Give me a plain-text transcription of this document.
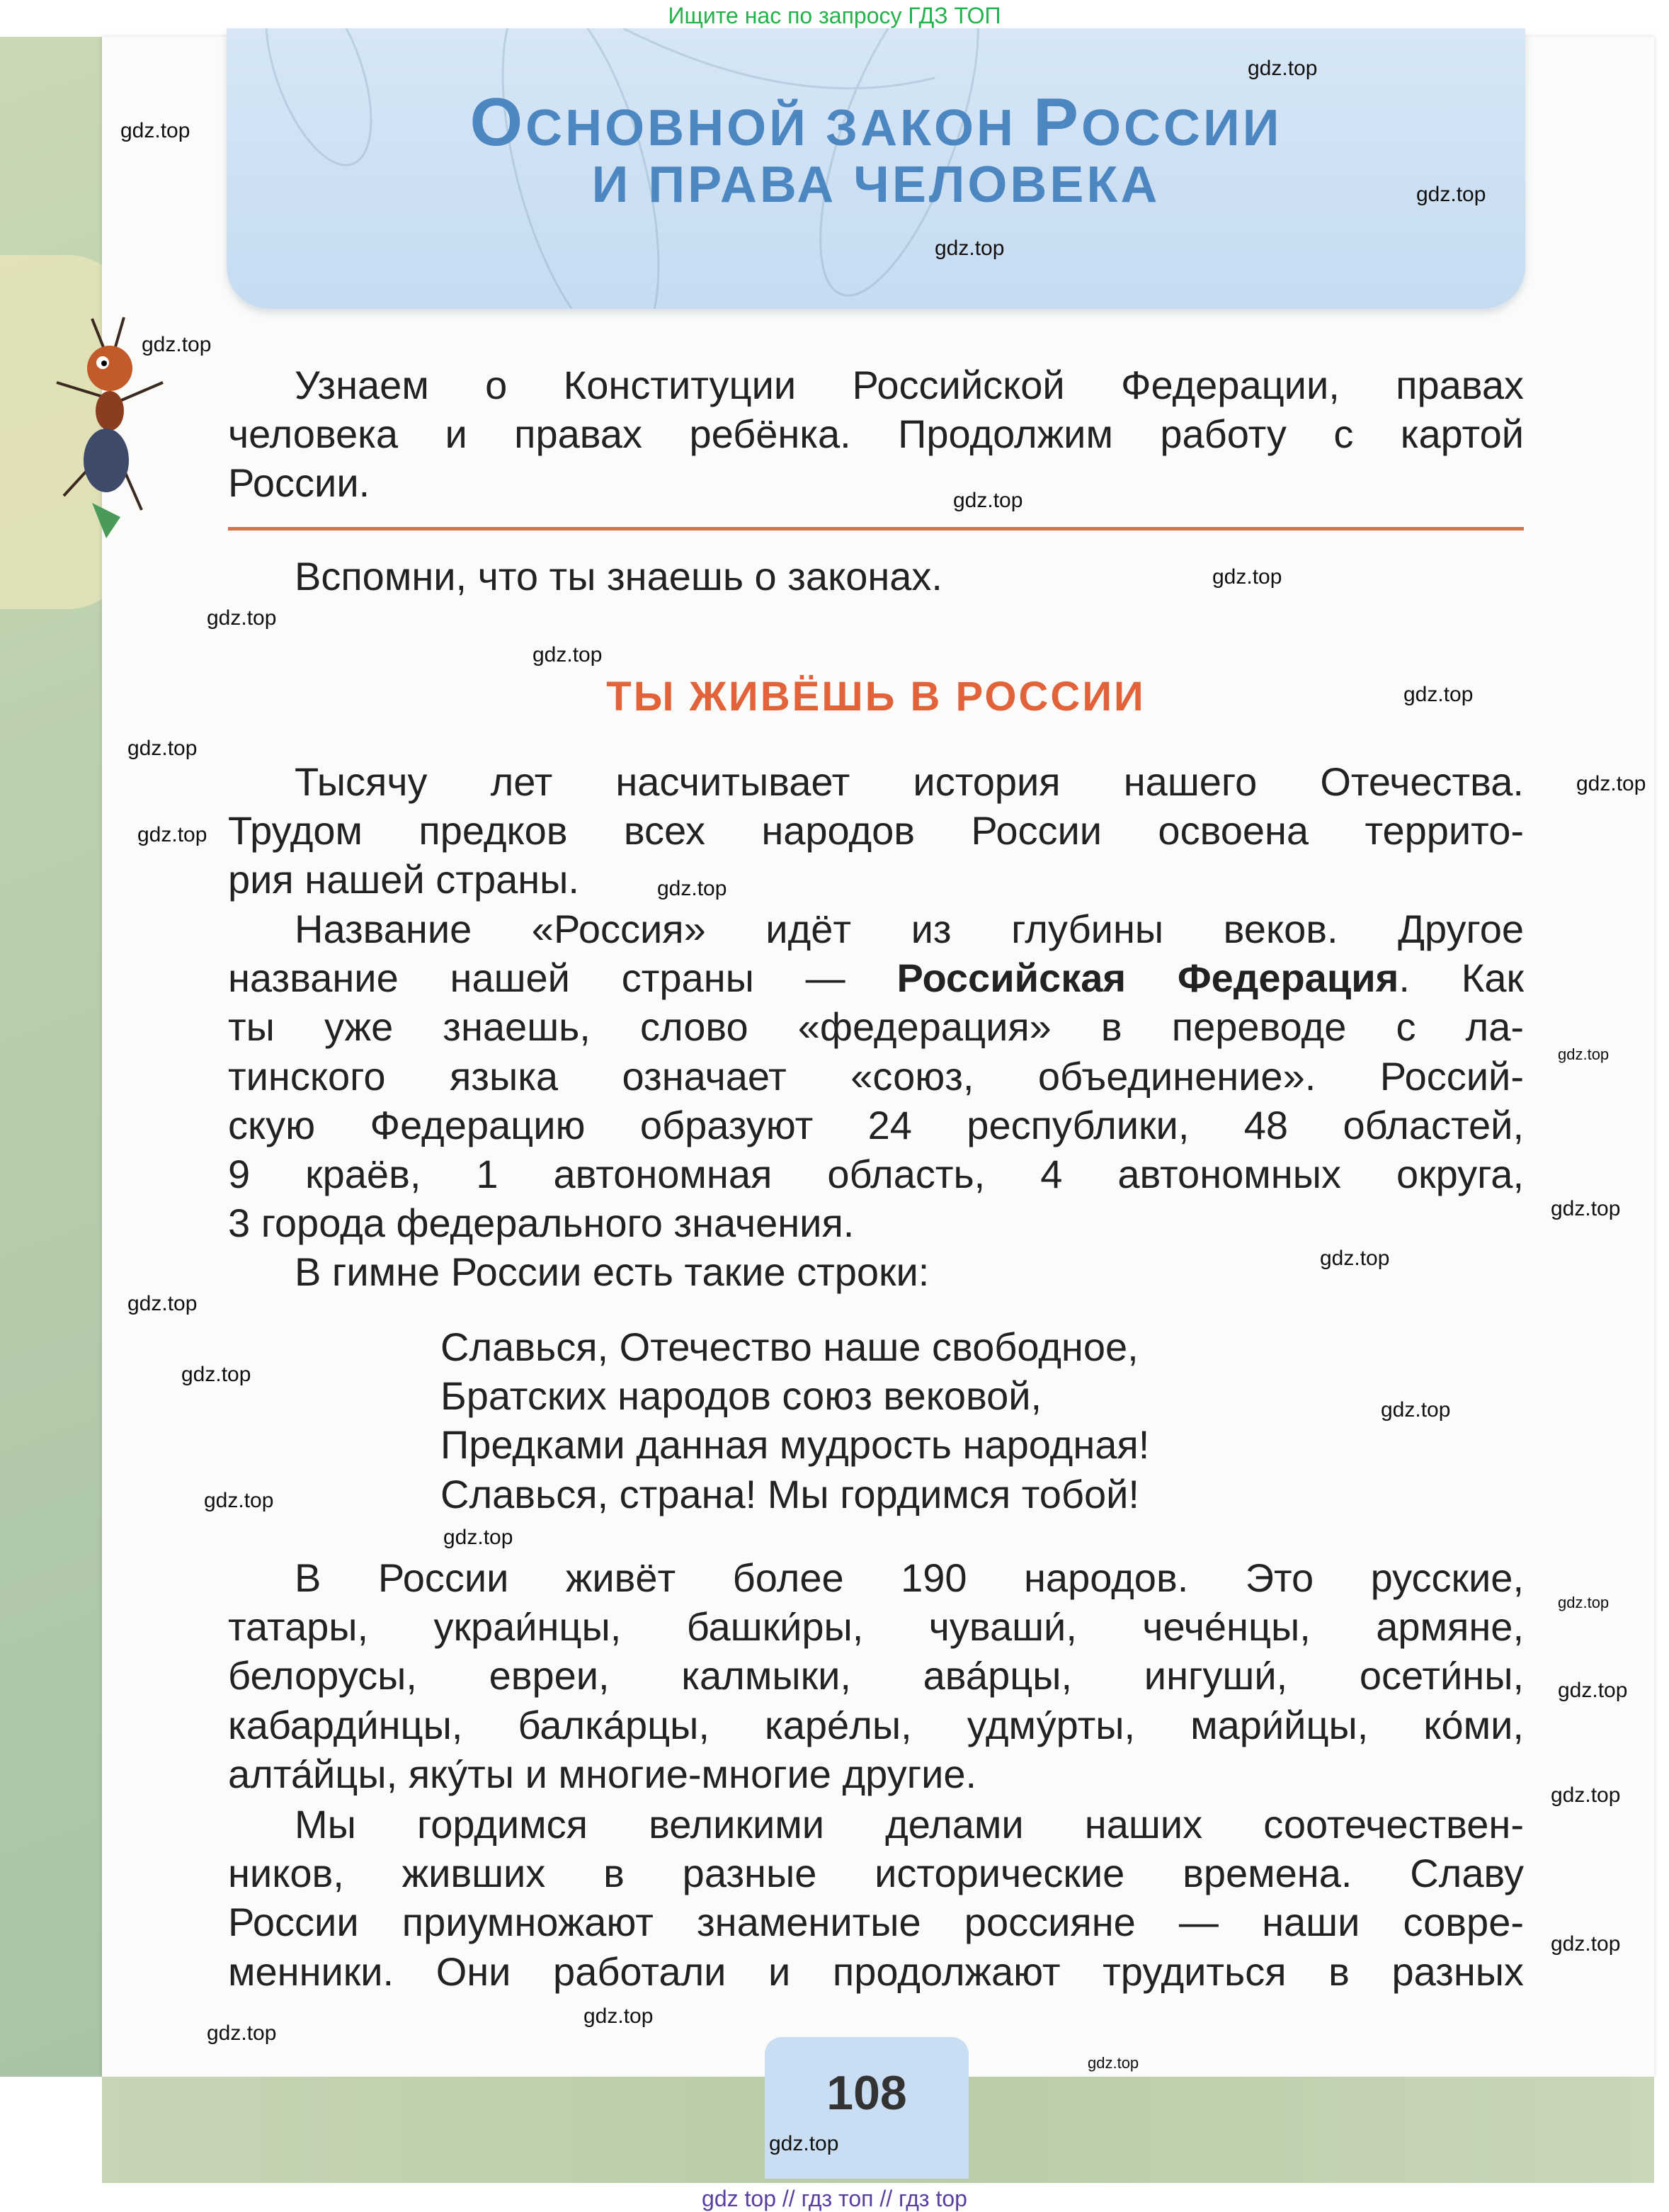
Ищите нас по запросу ГДЗ ТОП
ОСНОВНОЙ ЗАКОН РОССИИ
И ПРАВА ЧЕЛОВЕКА
Узнаем о Конституции Российской Федерации, правах
человека и правах ребёнка. Продолжим работу с картой
России.
Вспомни, что ты знаешь о законах.
Тысячу лет насчитывает история нашего Отечества.
Трудом предков всех народов России освоена террито-
рия нашей страны.
Название «Россия» идёт из глубины веков. Другое
название нашей страны — Российская Федерация. Как
ты уже знаешь, слово «федерация» в переводе с ла-
тинского языка означает «союз, объединение». Россий-
скую Федерацию образуют 24 республики, 48 областей,
9 краёв, 1 автономная область, 4 автономных округа,
3 города федерального значения.
В гимне России есть такие строки:
Славься, Отечество наше свободное,
Братских народов союз вековой,
Предками данная мудрость народная!
Славься, страна! Мы гордимся тобой!
В России живёт более 190 народов. Это русские,
татары, украи́нцы, башки́ры, чуваши́, чече́нцы, армяне,
белорусы, евреи, калмыки, ава́рцы, ингуши́, осети́ны,
кабарди́нцы, балка́рцы, каре́лы, удму́рты, мари́йцы, ко́ми,
алта́йцы, яку́ты и многие-многие другие.
Мы гордимся великими делами наших соотечествен-
ников, живших в разные исторические времена. Славу
России приумножают знаменитые россияне — наши совре-
менники. Они работали и продолжают трудиться в разных
ТЫ ЖИВЁШЬ В РОССИИ
108
gdz.top
gdz.top
gdz.top
gdz.top
gdz.top
gdz.top
gdz.top
gdz.top
gdz.top
gdz.top
gdz.top
gdz.top
gdz.top
gdz.top
gdz.top
gdz.top
gdz.top
gdz.top
gdz.top
gdz.top
gdz.top
gdz.top
gdz.top
gdz.top
gdz.top
gdz.top
gdz.top
gdz.top
gdz.top
gdz.top
gdz top // гдз топ // гдз top
